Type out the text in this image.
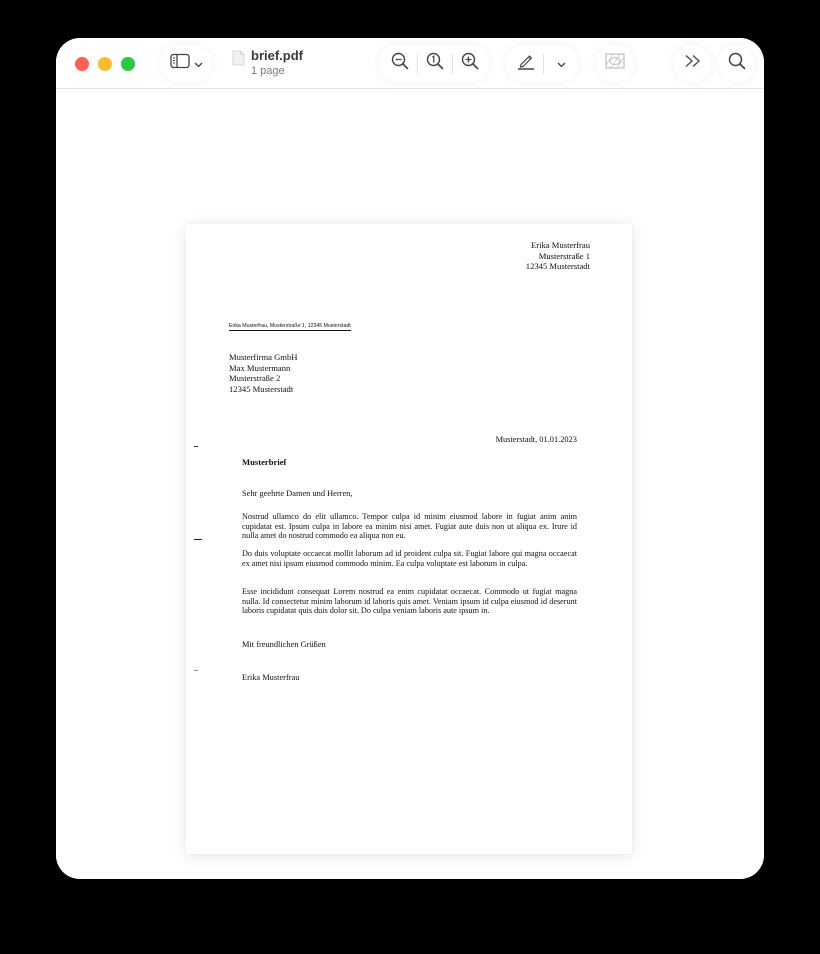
brief.pdf
1 page
Erika Musterfrau
Musterstraße 1
12345 Musterstadt
Erika Musterfrau, Musterstraße 1, 12345 Musterstadt
Musterfirma GmbH
Max Mustermann
Musterstraße 2
12345 Musterstadt
Musterstadt, 01.01.2023
Musterbrief
Sehr geehrte Damen und Herren,
Nostrud ullamco do elit ullamco. Tempor culpa id minim eiusmod labore in fugiat anim anim cupidatat est. Ipsum culpa in labore ea minim nisi amet. Fugiat aute duis non ut aliqua ex. Irure id nulla amet do nostrud commodo ea aliqua non eu.
Do duis voluptate occaecat mollit laborum ad id proident culpa sit. Fugiat labore qui magna occaecat ex amet nisi ipsum eiusmod commodo minim. Ea culpa voluptate est laborum in culpa.
Esse incididunt consequat Lorem nostrud ea enim cupidatat occaecat. Commodo ut fugiat magna nulla. Id consectetur minim laborum id laboris quis amet. Veniam ipsum id culpa eiusmod id deserunt laboris cupidatat quis duis dolor sit. Do culpa veniam laboris aute ipsum in.
Mit freundlichen Grüßen
Erika Musterfrau
